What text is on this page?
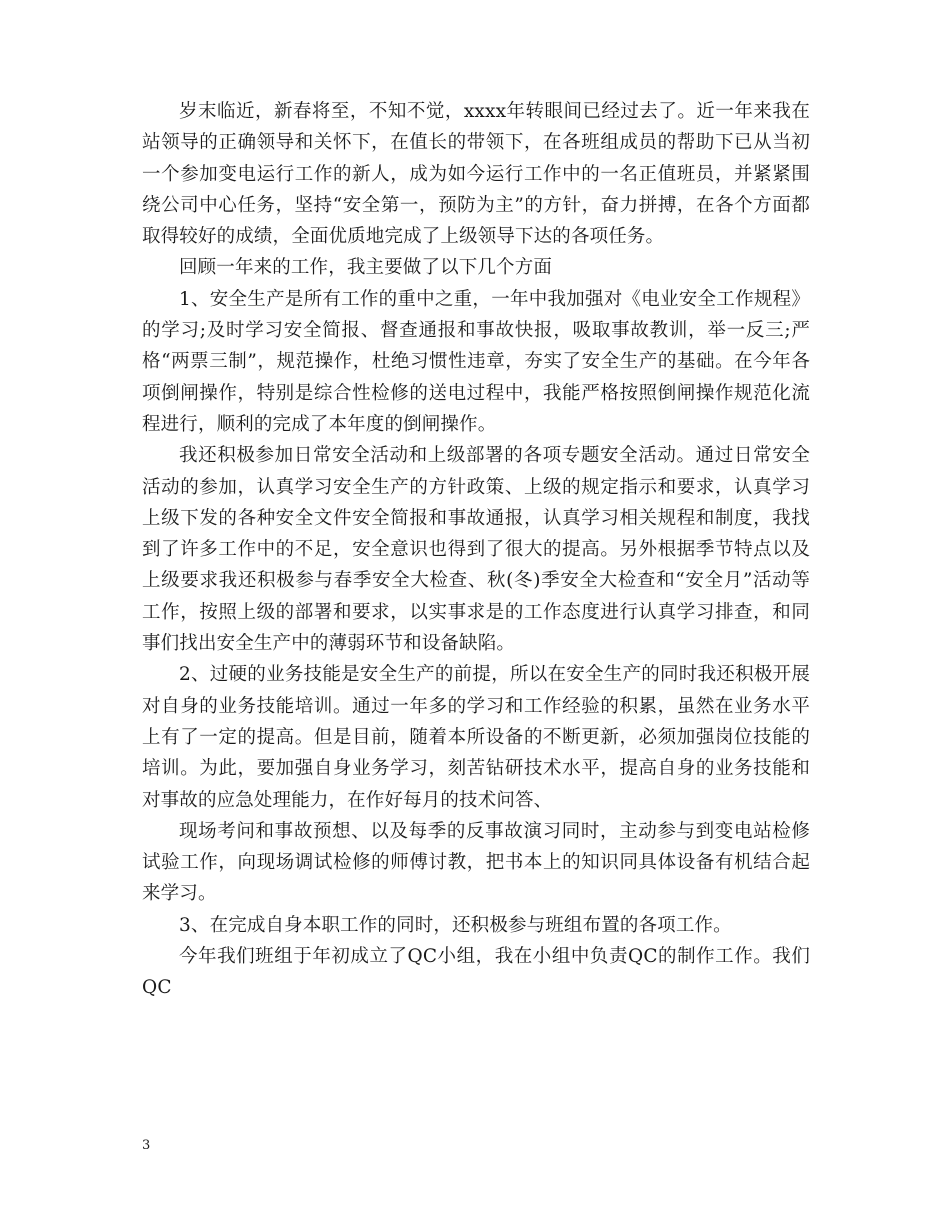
岁末临近，新春将至，不知不觉，xxxx年转眼间已经过去了。近一年来我在站领导的正确领导和关怀下，在值长的带领下，在各班组成员的帮助下已从当初一个参加变电运行工作的新人，成为如今运行工作中的一名正值班员，并紧紧围绕公司中心任务，坚持“安全第一，预防为主”的方针，奋力拼搏，在各个方面都取得较好的成绩，全面优质地完成了上级领导下达的各项任务。

回顾一年来的工作，我主要做了以下几个方面

1、安全生产是所有工作的重中之重，一年中我加强对《电业安全工作规程》的学习;及时学习安全简报、督查通报和事故快报，吸取事故教训，举一反三;严格“两票三制”，规范操作，杜绝习惯性违章，夯实了安全生产的基础。在今年各项倒闸操作，特别是综合性检修的送电过程中，我能严格按照倒闸操作规范化流程进行，顺利的完成了本年度的倒闸操作。

我还积极参加日常安全活动和上级部署的各项专题安全活动。通过日常安全活动的参加，认真学习安全生产的方针政策、上级的规定指示和要求，认真学习上级下发的各种安全文件安全简报和事故通报，认真学习相关规程和制度，我找到了许多工作中的不足，安全意识也得到了很大的提高。另外根据季节特点以及上级要求我还积极参与春季安全大检查、秋(冬)季安全大检查和“安全月”活动等工作，按照上级的部署和要求，以实事求是的工作态度进行认真学习排查，和同事们找出安全生产中的薄弱环节和设备缺陷。

2、过硬的业务技能是安全生产的前提，所以在安全生产的同时我还积极开展对自身的业务技能培训。通过一年多的学习和工作经验的积累，虽然在业务水平上有了一定的提高。但是目前，随着本所设备的不断更新，必须加强岗位技能的培训。为此，要加强自身业务学习，刻苦钻研技术水平，提高自身的业务技能和对事故的应急处理能力，在作好每月的技术问答、

现场考问和事故预想、以及每季的反事故演习同时，主动参与到变电站检修试验工作，向现场调试检修的师傅讨教，把书本上的知识同具体设备有机结合起来学习。

3、在完成自身本职工作的同时，还积极参与班组布置的各项工作。

今年我们班组于年初成立了QC小组，我在小组中负责QC的制作工作。我们QC

3
